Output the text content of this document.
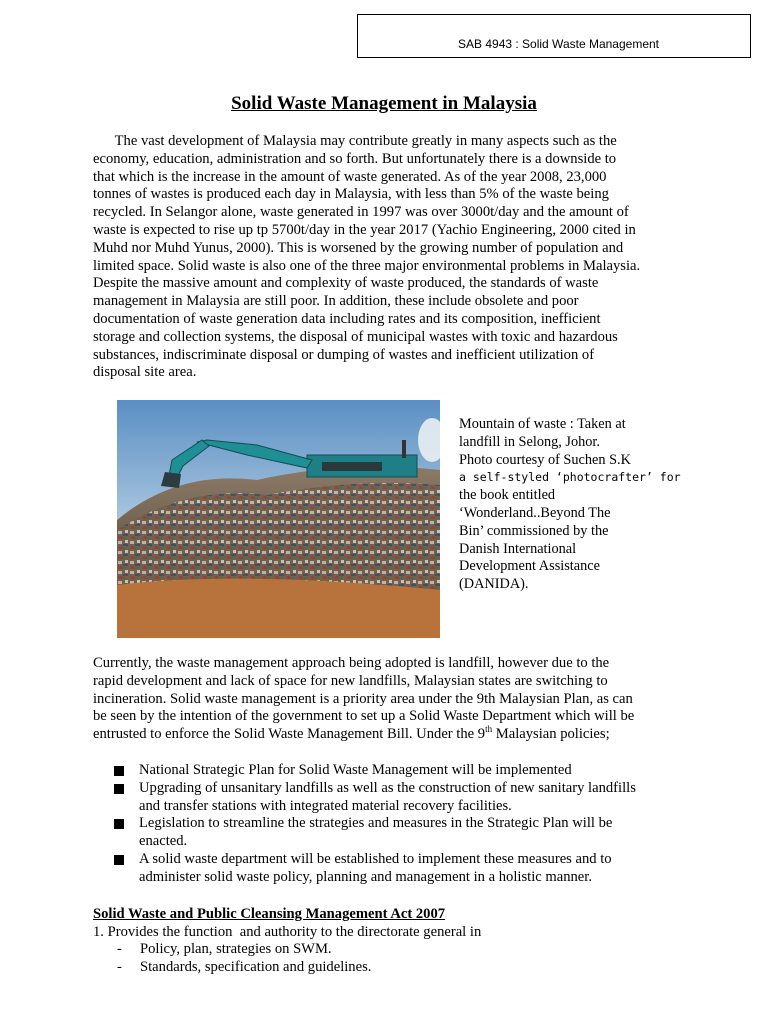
SAB 4943 : Solid Waste Management
Solid Waste Management in Malaysia
The vast development of Malaysia may contribute greatly in many aspects such as the
economy, education, administration and so forth. But unfortunately there is a downside to
that which is the increase in the amount of waste generated. As of the year 2008, 23,000
tonnes of wastes is produced each day in Malaysia, with less than 5% of the waste being
recycled. In Selangor alone, waste generated in 1997 was over 3000t/day and the amount of
waste is expected to rise up tp 5700t/day in the year 2017 (Yachio Engineering, 2000 cited in
Muhd nor Muhd Yunus, 2000). This is worsened by the growing number of population and
limited space. Solid waste is also one of the three major environmental problems in Malaysia.
Despite the massive amount and complexity of waste produced, the standards of waste
management in Malaysia are still poor. In addition, these include obsolete and poor
documentation of waste generation data including rates and its composition, inefficient
storage and collection systems, the disposal of municipal wastes with toxic and hazardous
substances, indiscriminate disposal or dumping of wastes and inefficient utilization of
disposal site area.
Mountain of waste : Taken at
landfill in Selong, Johor.
Photo courtesy of Suchen S.K
a self-styled ‘photocrafter’ for
the book entitled
‘Wonderland..Beyond The
Bin’ commissioned by the
Danish International
Development Assistance
(DANIDA).
Currently, the waste management approach being adopted is landfill, however due to the
rapid development and lack of space for new landfills, Malaysian states are switching to
incineration. Solid waste management is a priority area under the 9th Malaysian Plan, as can
be seen by the intention of the government to set up a Solid Waste Department which will be
entrusted to enforce the Solid Waste Management Bill. Under the 9th Malaysian policies;
National Strategic Plan for Solid Waste Management will be implemented
Upgrading of unsanitary landfills as well as the construction of new sanitary landfills
and transfer stations with integrated material recovery facilities.
Legislation to streamline the strategies and measures in the Strategic Plan will be
enacted.
A solid waste department will be established to implement these measures and to
administer solid waste policy, planning and management in a holistic manner.
Solid Waste and Public Cleansing Management Act 2007
1. Provides the function  and authority to the directorate general in
- Policy, plan, strategies on SWM.
- Standards, specification and guidelines.
